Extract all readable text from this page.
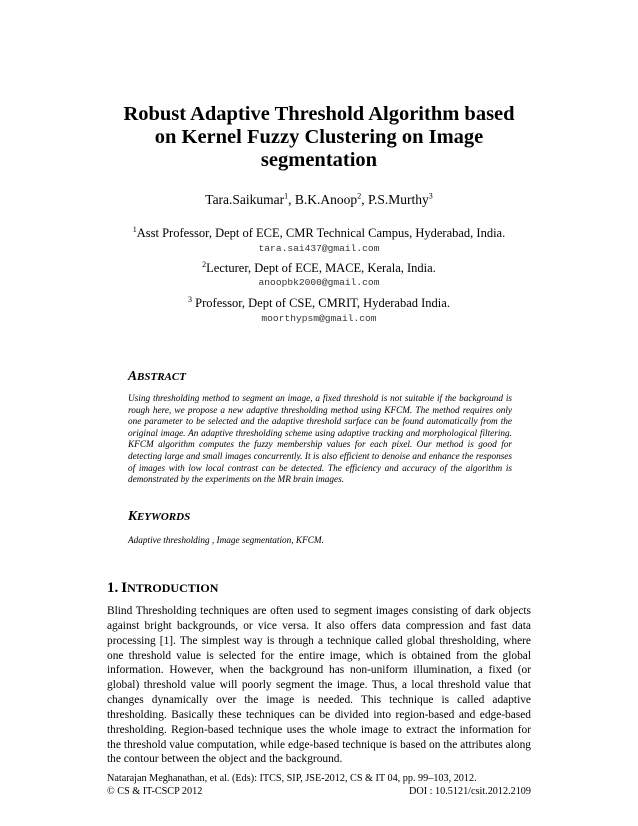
Robust Adaptive Threshold Algorithm based
on Kernel Fuzzy Clustering on Image
segmentation
Tara.Saikumar$^1$, B.K.Anoop$^2$, P.S.Murthy$^3$
$^1$Asst Professor, Dept of ECE, CMR Technical Campus, Hyderabad, India.
tara.sai437@gmail.com
$^2$Lecturer, Dept of ECE, MACE, Kerala, India.
anoopbk2000@gmail.com
$^3$ Professor, Dept of CSE, CMRIT, Hyderabad India.
moorthypsm@gmail.com
ABSTRACT
Using thresholding method to segment an image, a fixed threshold is not suitable if the background is rough here, we propose a new adaptive thresholding method using KFCM. The method requires only one parameter to be selected and the adaptive threshold surface can be found automatically from the original image. An adaptive thresholding scheme using adaptive tracking and morphological filtering. KFCM algorithm computes the fuzzy membership values for each pixel. Our method is good for detecting large and small images concurrently. It is also efficient to denoise and enhance the responses of images with low local contrast can be detected. The efficiency and accuracy of the algorithm is demonstrated by the experiments on the MR brain images.
KEYWORDS
Adaptive thresholding , Image segmentation, KFCM.
1. INTRODUCTION
Blind Thresholding techniques are often used to segment images consisting of dark objects against bright backgrounds, or vice versa. It also offers data compression and fast data processing [1]. The simplest way is through a technique called global thresholding, where one threshold value is selected for the entire image, which is obtained from the global information. However, when the background has non-uniform illumination, a fixed (or global) threshold value will poorly segment the image. Thus, a local threshold value that changes dynamically over the image is needed. This technique is called adaptive thresholding. Basically these techniques can be divided into region-based and edge-based thresholding. Region-based technique uses the whole image to extract the information for the threshold value computation, while edge-based technique is based on the attributes along the contour between the object and the background.
Natarajan Meghanathan, et al. (Eds): ITCS, SIP, JSE-2012, CS & IT 04, pp. 99–103, 2012.
© CS & IT-CSCP 2012	DOI : 10.5121/csit.2012.2109
